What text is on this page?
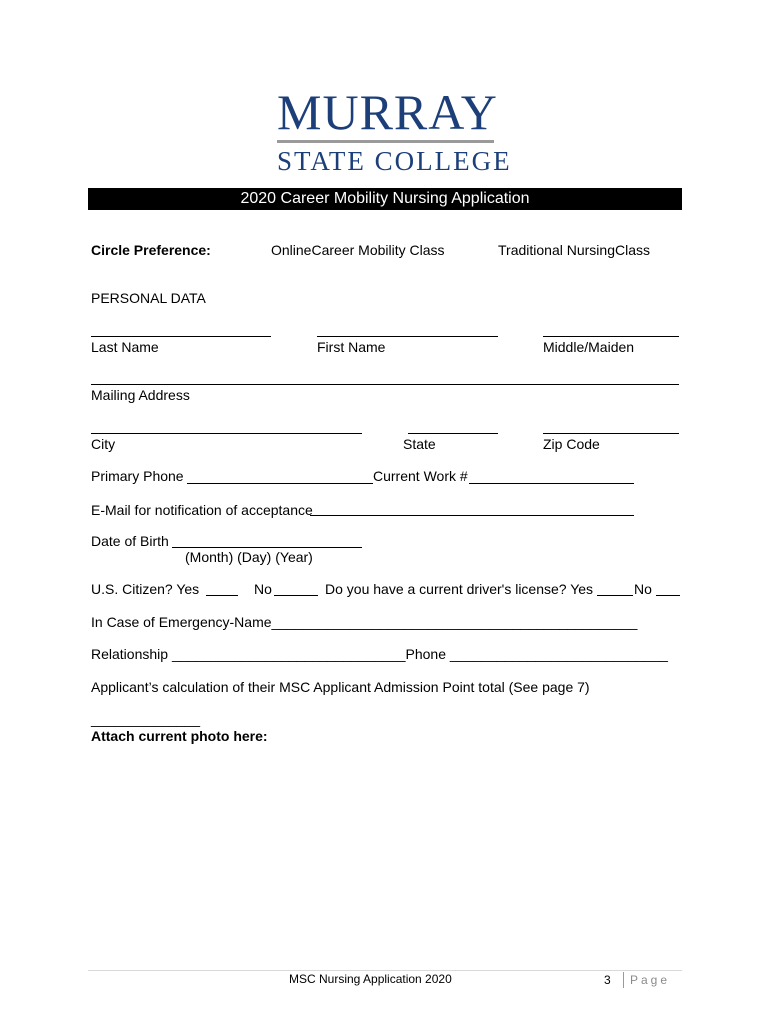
MURRAY
STATE COLLEGE
2020 Career Mobility Nursing Application
Circle Preference:	OnlineCareer Mobility Class	Traditional NursingClass
PERSONAL DATA
Last Name	First Name	Middle/Maiden
Mailing Address
City	State	Zip Code
Primary Phone	Current Work #
E-Mail for notification of acceptance
Date of Birth
(Month) (Day) (Year)
U.S. Citizen? Yes	No	Do you have a current driver's license? Yes	No
In Case of Emergency-Name_______________________________________________
Relationship ______________________________Phone ____________________________
Applicant’s calculation of their MSC Applicant Admission Point total (See page 7)
______________
Attach current photo here:
MSC Nursing Application 2020	3 Page
